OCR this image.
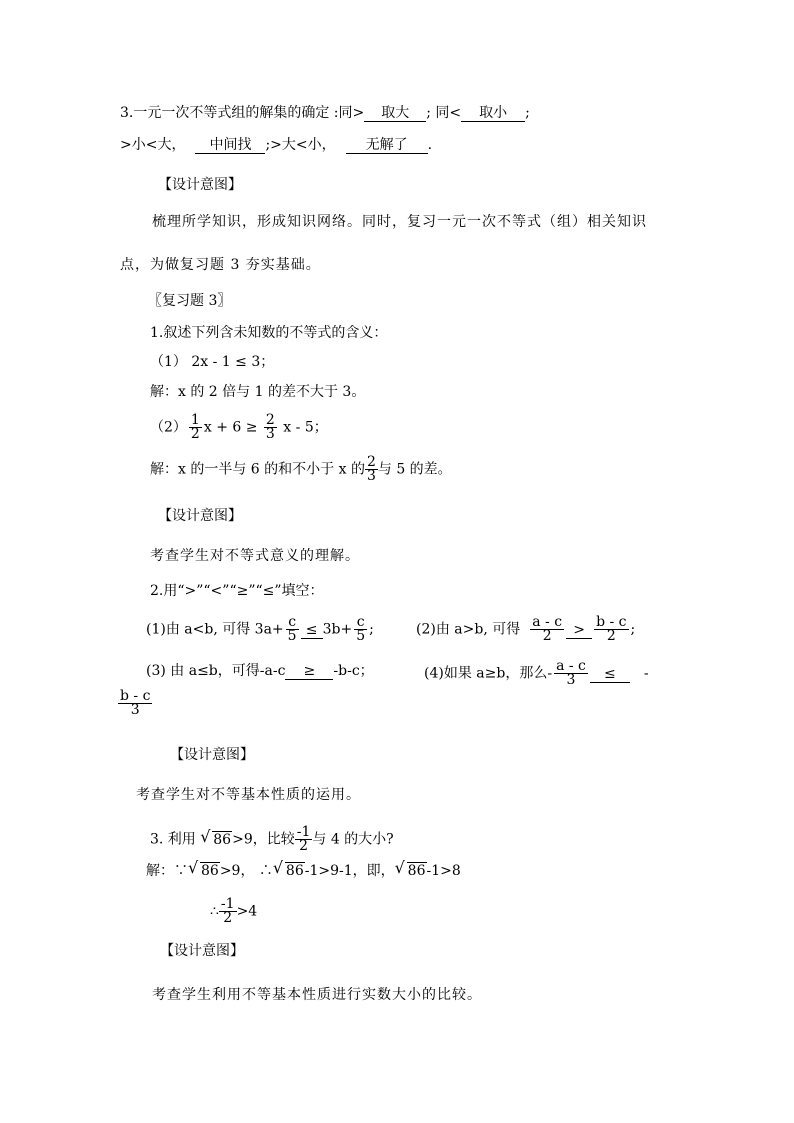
3.一元一次不等式组的解集的确定 :同> 取大 ; 同< 取小 ;
>小<大， 中间找 ;>大<小， 无解了 .
【设计意图】
梳理所学知识，形成知识网络。同时，复习一元一次不等式（组）相关知识
点，为做复习题 3 夯实基础。
〖复习题 3〗
1.叙述下列含未知数的不等式的含义：
（1） 2x - 1 ≤ 3；
解：x 的 2 倍与 1 的差不大于 3。
$(2) \frac{1}{2}$ $x + 6 \ge \frac{2}{3}$ x - 5；
解：x 的一半与 6 的和不小于 x 的 $\frac{2}{3}$ 与 5 的差。
【设计意图】
考查学生对不等式意义的理解。
2.用“>”“<”“≥”“≤”填空：
(1)由 a<b, 可得 $3a+ \frac{c}{5} \le 3b+ \frac{c}{5}$ ;	(2)由 a>b, 可得 $\frac{a - c}{2} > \frac{b - c}{2}$ ;
(3) 由 a≤b，可得-a-c ≥ -b-c；	(4)如果 a≥b，那么- $\frac{a - c}{3}$ ≤ -
$\frac{b - c}{3}$
【设计意图】
考查学生对不等基本性质的运用。
3. 利用 √ 86>9，比较 $\frac{-1}{2}$ 与 4 的大小?
解：∵ √ 86>9， ∴ √ 86-1>9-1，即， √ 86-1>8
∴ $\frac{-1}{2} >4$
【设计意图】
考查学生利用不等基本性质进行实数大小的比较。
